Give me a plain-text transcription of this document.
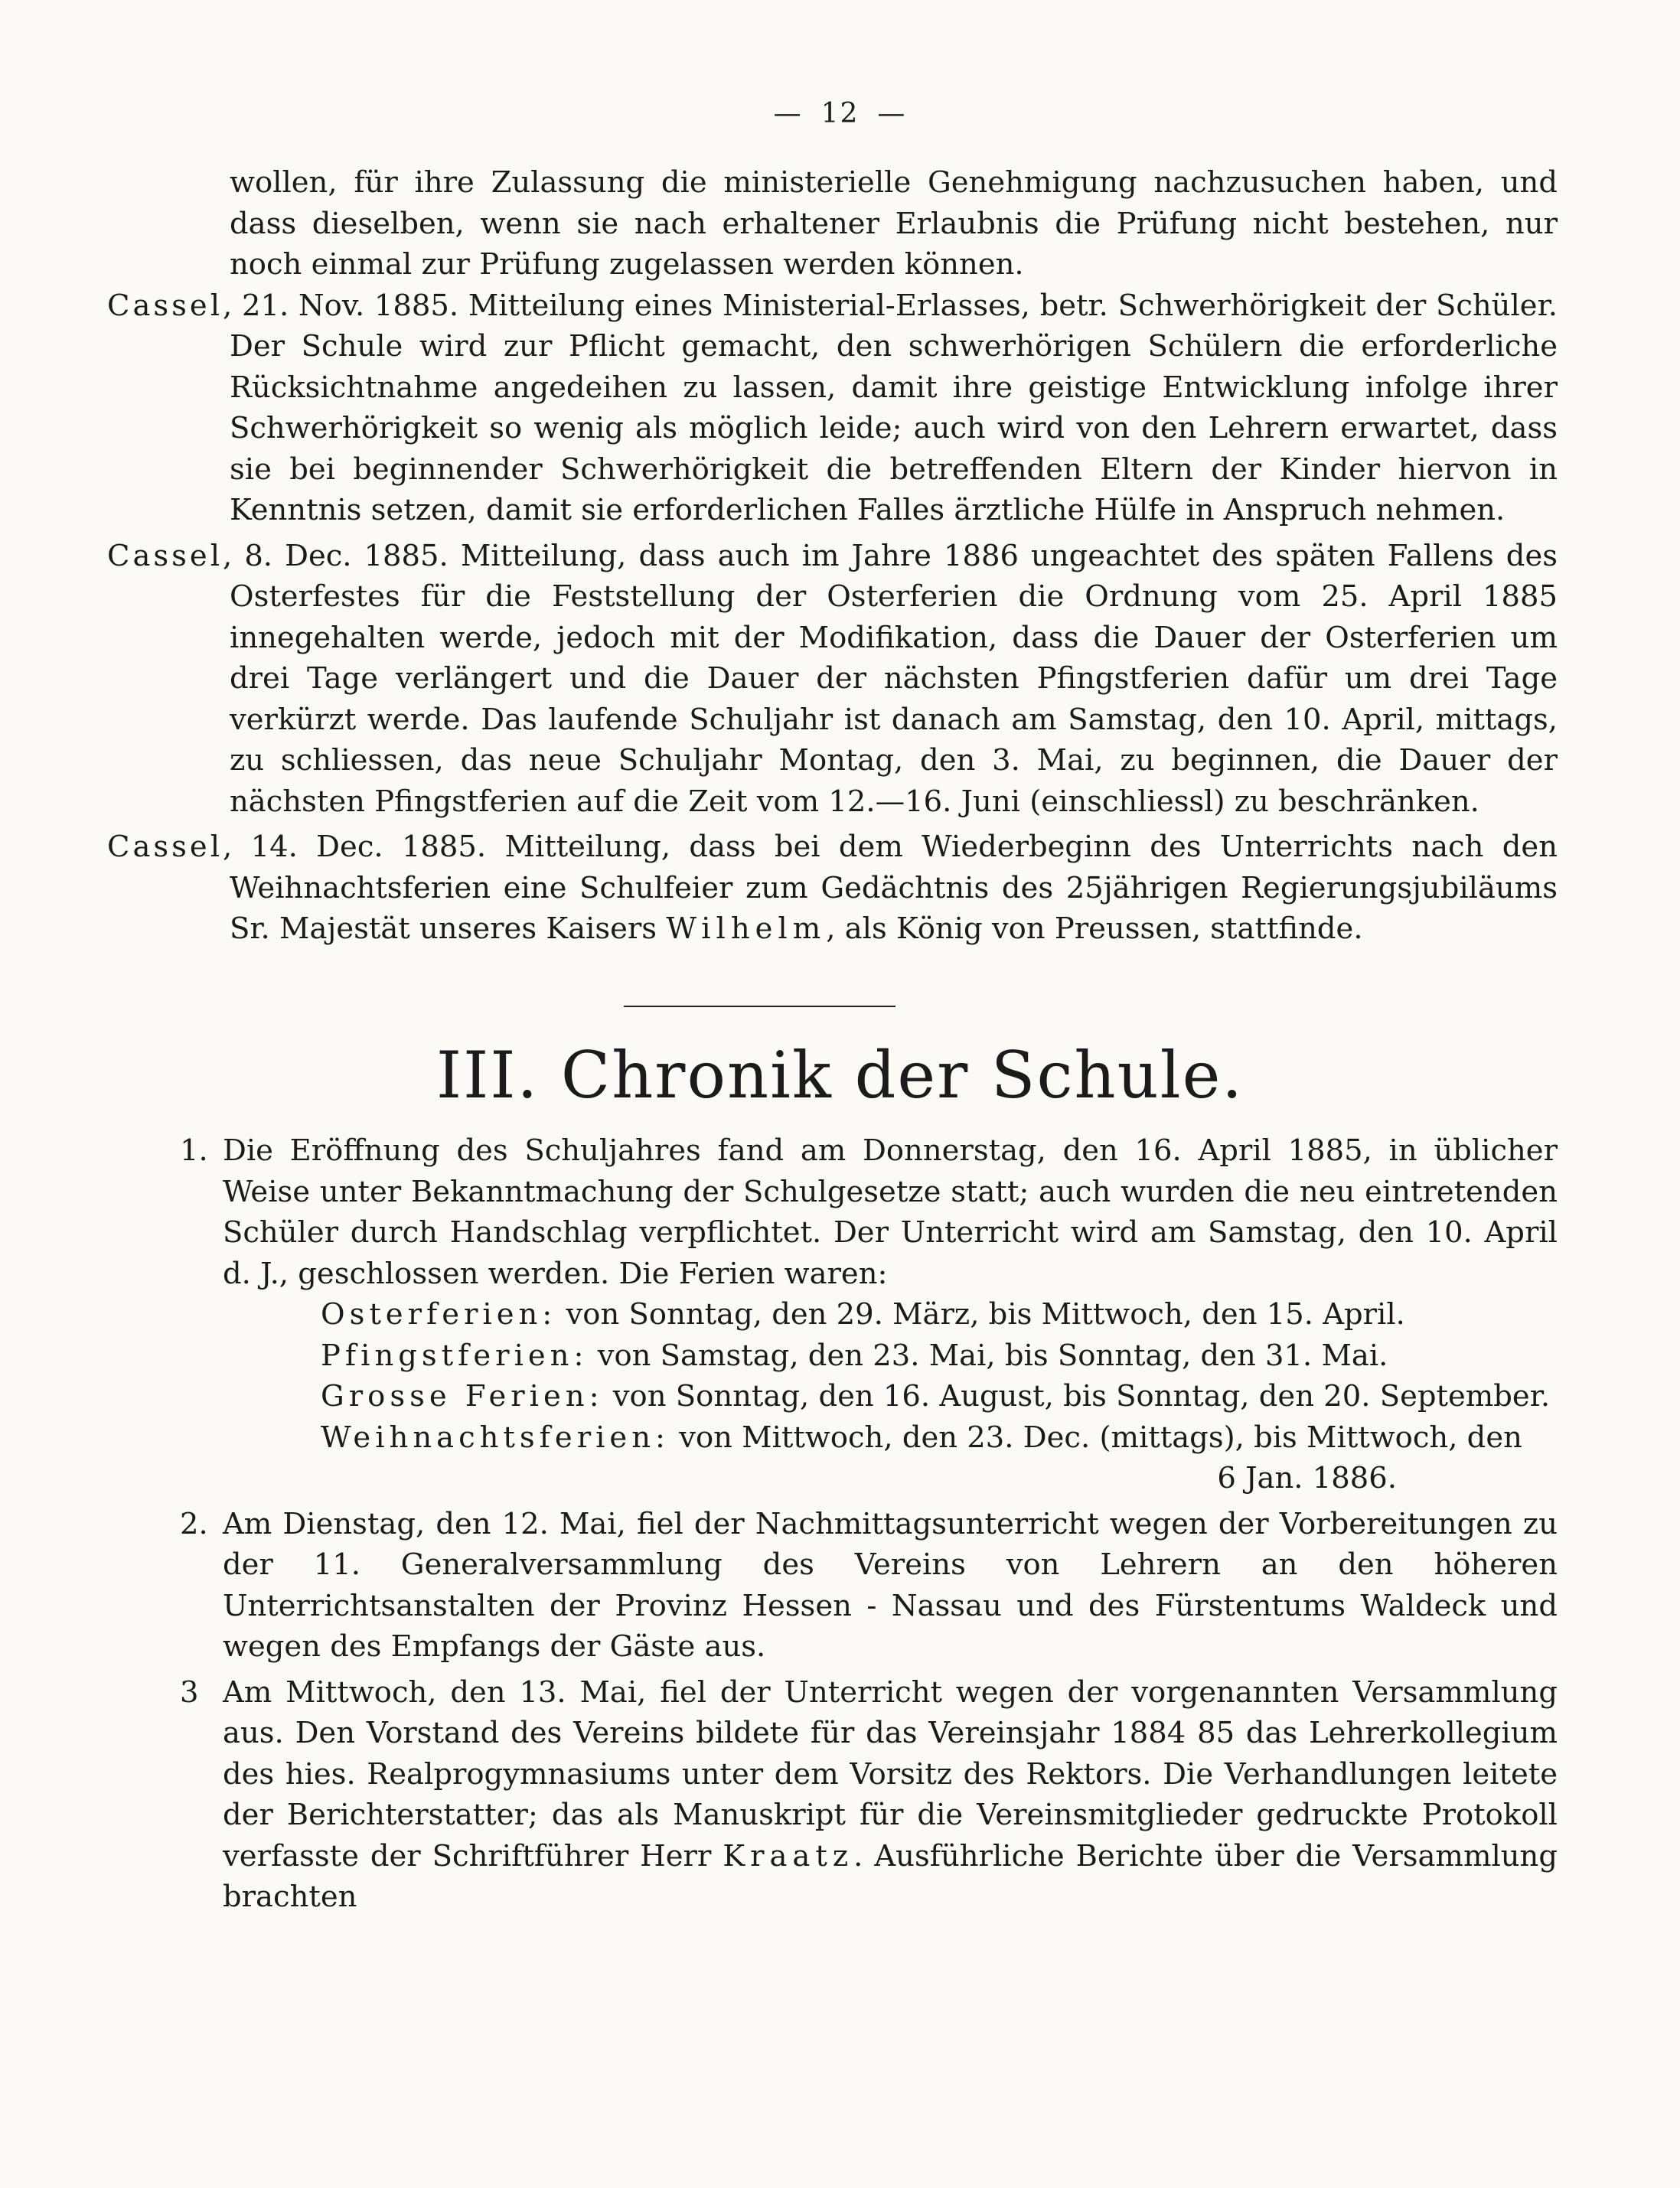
— 12 —

wollen, für ihre Zulassung die ministerielle Genehmigung nachzusuchen haben, und dass dieselben, wenn sie nach erhaltener Erlaubnis die Prüfung nicht bestehen, nur noch einmal zur Prüfung zugelassen werden können.

Cassel, 21. Nov. 1885. Mitteilung eines Ministerial-Erlasses, betr. Schwerhörigkeit der Schüler. Der Schule wird zur Pflicht gemacht, den schwerhörigen Schülern die erforderliche Rücksichtnahme angedeihen zu lassen, damit ihre geistige Entwicklung infolge ihrer Schwerhörigkeit so wenig als möglich leide; auch wird von den Lehrern erwartet, dass sie bei beginnender Schwerhörigkeit die betreffenden Eltern der Kinder hiervon in Kenntnis setzen, damit sie erforderlichen Falles ärztliche Hülfe in Anspruch nehmen.

Cassel, 8. Dec. 1885. Mitteilung, dass auch im Jahre 1886 ungeachtet des späten Fallens des Osterfestes für die Feststellung der Osterferien die Ordnung vom 25. April 1885 innegehalten werde, jedoch mit der Modifikation, dass die Dauer der Osterferien um drei Tage verlängert und die Dauer der nächsten Pfingstferien dafür um drei Tage verkürzt werde. Das laufende Schuljahr ist danach am Samstag, den 10. April, mittags, zu schliessen, das neue Schuljahr Montag, den 3. Mai, zu beginnen, die Dauer der nächsten Pfingstferien auf die Zeit vom 12.—16. Juni (einschliessl) zu beschränken.

Cassel, 14. Dec. 1885. Mitteilung, dass bei dem Wiederbeginn des Unterrichts nach den Weihnachtsferien eine Schulfeier zum Gedächtnis des 25jährigen Regierungsjubiläums Sr. Majestät unseres Kaisers Wilhelm, als König von Preussen, stattfinde.

III. Chronik der Schule.
1. Die Eröffnung des Schuljahres fand am Donnerstag, den 16. April 1885, in üblicher Weise unter Bekanntmachung der Schulgesetze statt; auch wurden die neu eintretenden Schüler durch Handschlag verpflichtet. Der Unterricht wird am Samstag, den 10. April d. J., geschlossen werden. Die Ferien waren:

Osterferien: von Sonntag, den 29. März, bis Mittwoch, den 15. April.

Pfingstferien: von Samstag, den 23. Mai, bis Sonntag, den 31. Mai.

Grosse Ferien: von Sonntag, den 16. August, bis Sonntag, den 20. September.

Weihnachtsferien: von Mittwoch, den 23. Dec. (mittags), bis Mittwoch, den

6 Jan. 1886.
2. Am Dienstag, den 12. Mai, fiel der Nachmittagsunterricht wegen der Vorbereitungen zu der 11. Generalversammlung des Vereins von Lehrern an den höheren Unterrichtsanstalten der Provinz Hessen - Nassau und des Fürstentums Waldeck und wegen des Empfangs der Gäste aus.
3 Am Mittwoch, den 13. Mai, fiel der Unterricht wegen der vorgenannten Versammlung aus. Den Vorstand des Vereins bildete für das Vereinsjahr 1884 85 das Lehrerkollegium des hies. Realprogymnasiums unter dem Vorsitz des Rektors. Die Verhandlungen leitete der Berichterstatter; das als Manuskript für die Vereinsmitglieder gedruckte Protokoll verfasste der Schriftführer Herr Kraatz. Ausführliche Berichte über die Versammlung brachten
